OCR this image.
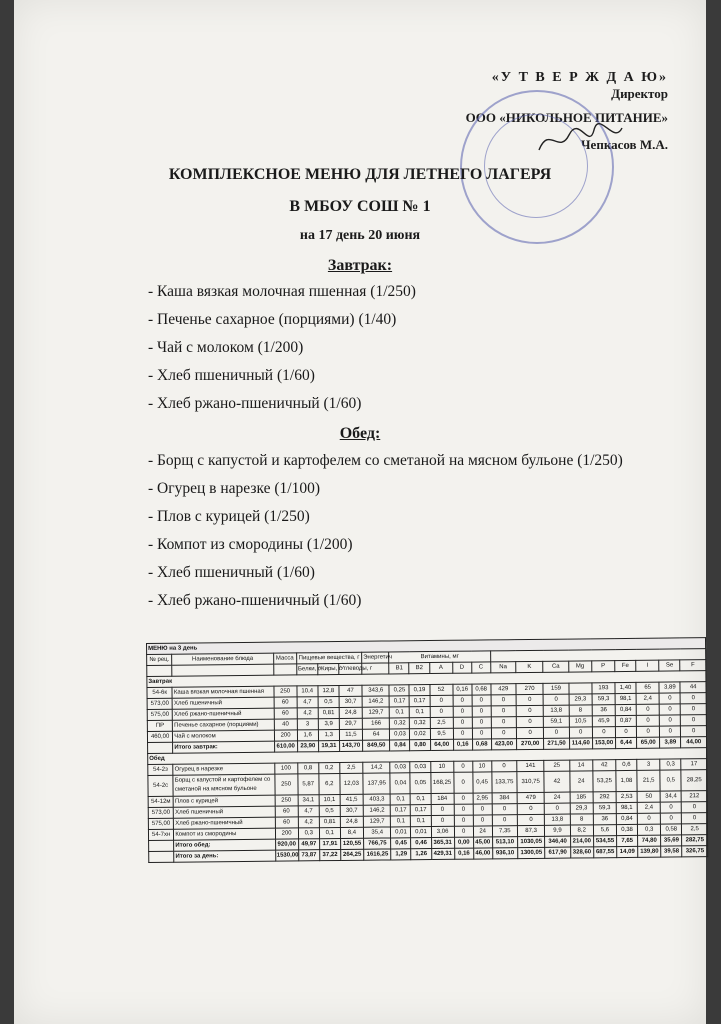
«У Т В Е Р Ж Д А Ю»
Директор
ООО «НИКОЛЬНОЕ ПИТАНИЕ»
Чепкасов М.А.
КОМПЛЕКСНОЕ МЕНЮ ДЛЯ ЛЕТНЕГО ЛАГЕРЯ
В МБОУ СОШ № 1
на 17 день 20 июня
Завтрак:
- Каша вязкая молочная пшенная (1/250)
- Печенье сахарное (порциями) (1/40)
- Чай с молоком (1/200)
- Хлеб пшеничный (1/60)
- Хлеб ржано-пшеничный (1/60)
Обед:
- Борщ с капустой и картофелем со сметаной на мясном бульоне (1/250)
- Огурец в нарезке (1/100)
- Плов с курицей (1/250)
- Компот из смородины (1/200)
- Хлеб пшеничный (1/60)
- Хлеб ржано-пшеничный (1/60)
МЕНЮ на 3 день																				
№ рец.	Наименование блюда	Масса	Пищевые вещества, г			Энергетич	Витамины, мг													
			Белки, г	Жиры, г	Углеводы, г		В1	В2	A	D	C	Na	K	Ca	Mg	P	Fe	I	Se	F
Завтрак																				
54-6к	Каша вязкая молочная пшенная	250	10,4	12,8	47	343,6	0,25	0,19	52	0,16	0,68	429	270	159		193	1,40	65	3,89	44
573,00	Хлеб пшеничный	60	4,7	0,5	30,7	146,2	0,17	0,17	0	0	0	0	0	0	29,3	59,3	98,1	2,4	0	0
575,00	Хлеб ржано-пшеничный	60	4,2	0,81	24,8	129,7	0,1	0,1	0	0	0	0	0	13,8	8	36	0,84	0	0	0
ПР	Печенье сахарное (порциями)	40	3	3,9	29,7	166	0,32	0,32	2,5	0	0	0	0	59,1	10,5	45,9	0,87	0	0	0
460,00	Чай с молоком	200	1,6	1,3	11,5	64	0,03	0,02	9,5	0	0	0	0	0	0	0	0	0	0	0
	Итого завтрак:	610,00	23,90	19,31	143,70	849,50	0,84	0,80	64,00	0,16	0,68	423,00	270,00	271,50	114,60	153,00	6,44	65,00	3,89	44,00
Обед																				
54-2з	Огурец в нарезке	100	0,8	0,2	2,5	14,2	0,03	0,03	10	0	10	0	141	25	14	42	0,6	3	0,3	17
54-2с	Борщ с капустой и картофелем со сметаной на мясном бульоне	250	5,87	6,2	12,03	137,95	0,04	0,05	168,25	0	0,45	133,75	310,75	42	24	53,25	1,08	21,5	0,5	28,25
54-12м	Плов с курицей	250	34,1	10,1	41,5	403,3	0,1	0,1	184	0	2,95	384	479	24	185	292	2,53	50	34,4	212
573,00	Хлеб пшеничный	60	4,7	0,5	30,7	146,2	0,17	0,17	0	0	0	0	0	0	29,3	59,3	98,1	2,4	0	0
575,00	Хлеб ржано-пшеничный	60	4,2	0,81	24,8	129,7	0,1	0,1	0	0	0	0	0	13,8	8	36	0,84	0	0	0
54-7хн	Компот из смородины	200	0,3	0,1	8,4	35,4	0,01	0,01	3,06	0	24	7,35	87,3	9,9	8,2	5,6	0,38	0,3	0,58	2,5
	Итого обед:	920,00	49,97	17,91	120,55	766,75	0,45	0,46	365,31	0,00	45,00	513,10	1030,05	346,40	214,00	534,55	7,65	74,80	35,69	282,75
	Итого за день:	1530,00	73,87	37,22	264,25	1616,25	1,29	1,26	429,31	0,16	46,00	936,10	1300,05	617,90	328,60	687,55	14,09	139,80	39,58	326,75
